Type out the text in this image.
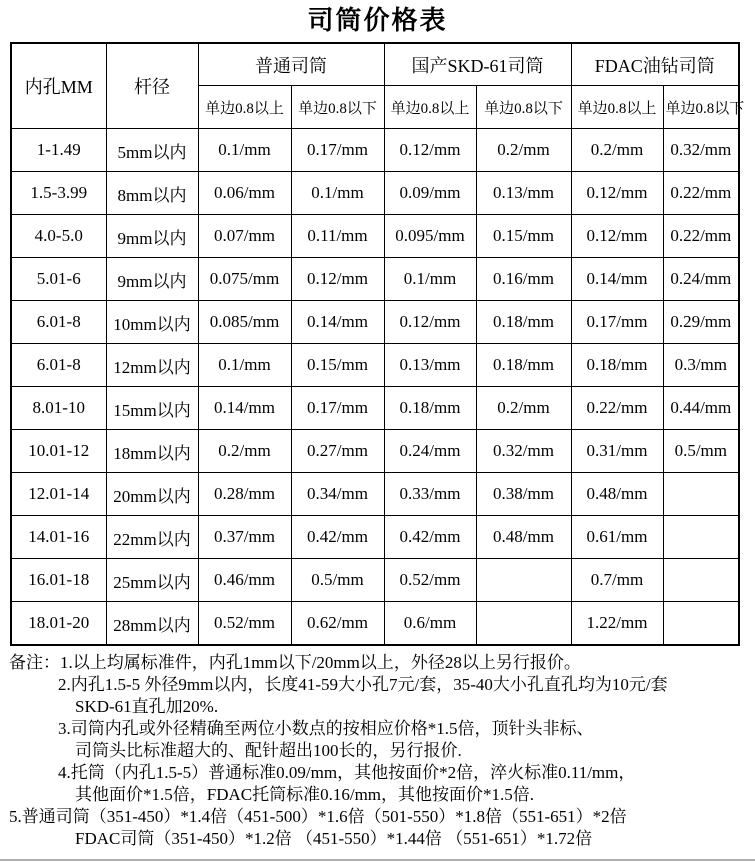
司筒价格表
内孔MM	杆径	普通司筒		国产SKD-61司筒		FDAC油钻司筒	
		单边0.8以上	单边0.8以下	单边0.8以上	单边0.8以下	单边0.8以上	单边0.8以下
1-1.49	5mm以内	0.1/mm	0.17/mm	0.12/mm	0.2/mm	0.2/mm	0.32/mm
1.5-3.99	8mm以内	0.06/mm	0.1/mm	0.09/mm	0.13/mm	0.12/mm	0.22/mm
4.0-5.0	9mm以内	0.07/mm	0.11/mm	0.095/mm	0.15/mm	0.12/mm	0.22/mm
5.01-6	9mm以内	0.075/mm	0.12/mm	0.1/mm	0.16/mm	0.14/mm	0.24/mm
6.01-8	10mm以内	0.085/mm	0.14/mm	0.12/mm	0.18/mm	0.17/mm	0.29/mm
6.01-8	12mm以内	0.1/mm	0.15/mm	0.13/mm	0.18/mm	0.18/mm	0.3/mm
8.01-10	15mm以内	0.14/mm	0.17/mm	0.18/mm	0.2/mm	0.22/mm	0.44/mm
10.01-12	18mm以内	0.2/mm	0.27/mm	0.24/mm	0.32/mm	0.31/mm	0.5/mm
12.01-14	20mm以内	0.28/mm	0.34/mm	0.33/mm	0.38/mm	0.48/mm	
14.01-16	22mm以内	0.37/mm	0.42/mm	0.42/mm	0.48/mm	0.61/mm	
16.01-18	25mm以内	0.46/mm	0.5/mm	0.52/mm		0.7/mm	
18.01-20	28mm以内	0.52/mm	0.62/mm	0.6/mm		1.22/mm	
备注：1.以上均属标准件，内孔1mm以下/20mm以上，外径28以上另行报价。
2.内孔1.5-5 外径9mm以内，长度41-59大小孔7元/套，35-40大小孔直孔均为10元/套
SKD-61直孔加20%.
3.司筒内孔或外径精确至两位小数点的按相应价格*1.5倍，顶针头非标、
司筒头比标准超大的、配针超出100长的，另行报价.
4.托筒（内孔1.5-5）普通标准0.09/mm，其他按面价*2倍，淬火标准0.11/mm，
其他面价*1.5倍，FDAC托筒标准0.16/mm，其他按面价*1.5倍.
5.普通司筒（351-450）*1.4倍（451-500）*1.6倍（501-550）*1.8倍（551-651）*2倍
FDAC司筒（351-450）*1.2倍 （451-550）*1.44倍 （551-651）*1.72倍
